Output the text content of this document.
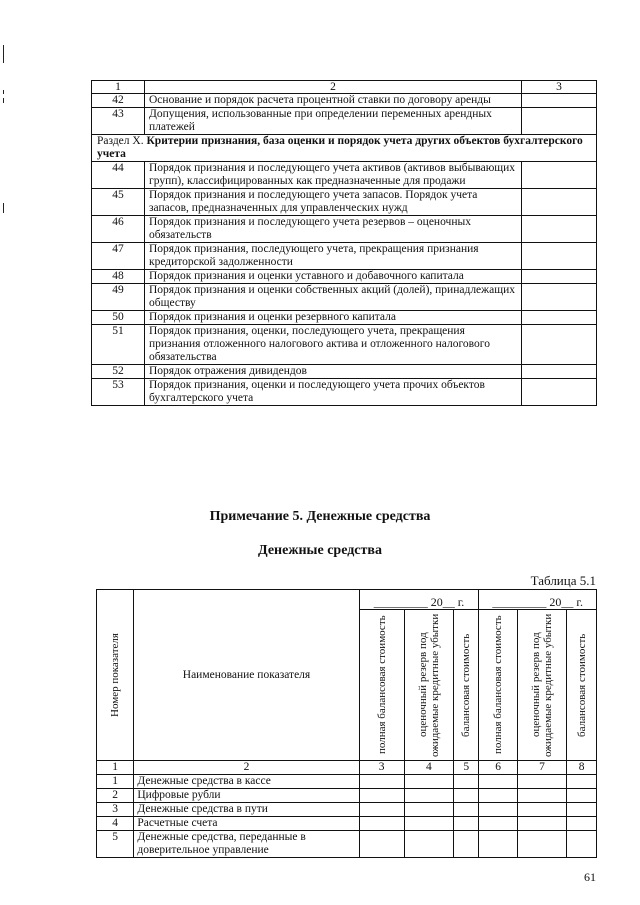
1	2	3
42	Основание и порядок расчета процентной ставки по договору аренды	
43	Допущения, использованные при определении переменных арендных платежей	
Раздел X. Критерии признания, база оценки и порядок учета других объектов бухгалтерского учета		
44	Порядок признания и последующего учета активов (активов выбывающих групп), классифицированных как предназначенные для продажи	
45	Порядок признания и последующего учета запасов. Порядок учета запасов, предназначенных для управленческих нужд	
46	Порядок признания и последующего учета резервов – оценочных обязательств	
47	Порядок признания, последующего учета, прекращения признания кредиторской задолженности	
48	Порядок признания и оценки уставного и добавочного капитала	
49	Порядок признания и оценки собственных акций (долей), принадлежащих обществу	
50	Порядок признания и оценки резервного капитала	
51	Порядок признания, оценки, последующего учета, прекращения признания отложенного налогового актива и отложенного налогового обязательства	
52	Порядок отражения дивидендов	
53	Порядок признания, оценки и последующего учета прочих объектов бухгалтерского учета	
Примечание 5. Денежные средства
Денежные средства
Таблица 5.1
Номер показателя	Наименование показателя	_________ 20__ г.			_________ 20__ г.		

		полная балансовая стоимость	оценочный резерв под ожидаемые кредитные убытки	балансовая стоимость	полная балансовая стоимость	оценочный резерв под ожидаемые кредитные убытки	балансовая стоимость

1	2	3	4	5	6	7	8
1	Денежные средства в кассе						
2	Цифровые рубли						
3	Денежные средства в пути						
4	Расчетные счета						
5	Денежные средства, переданные в доверительное управление						
61
